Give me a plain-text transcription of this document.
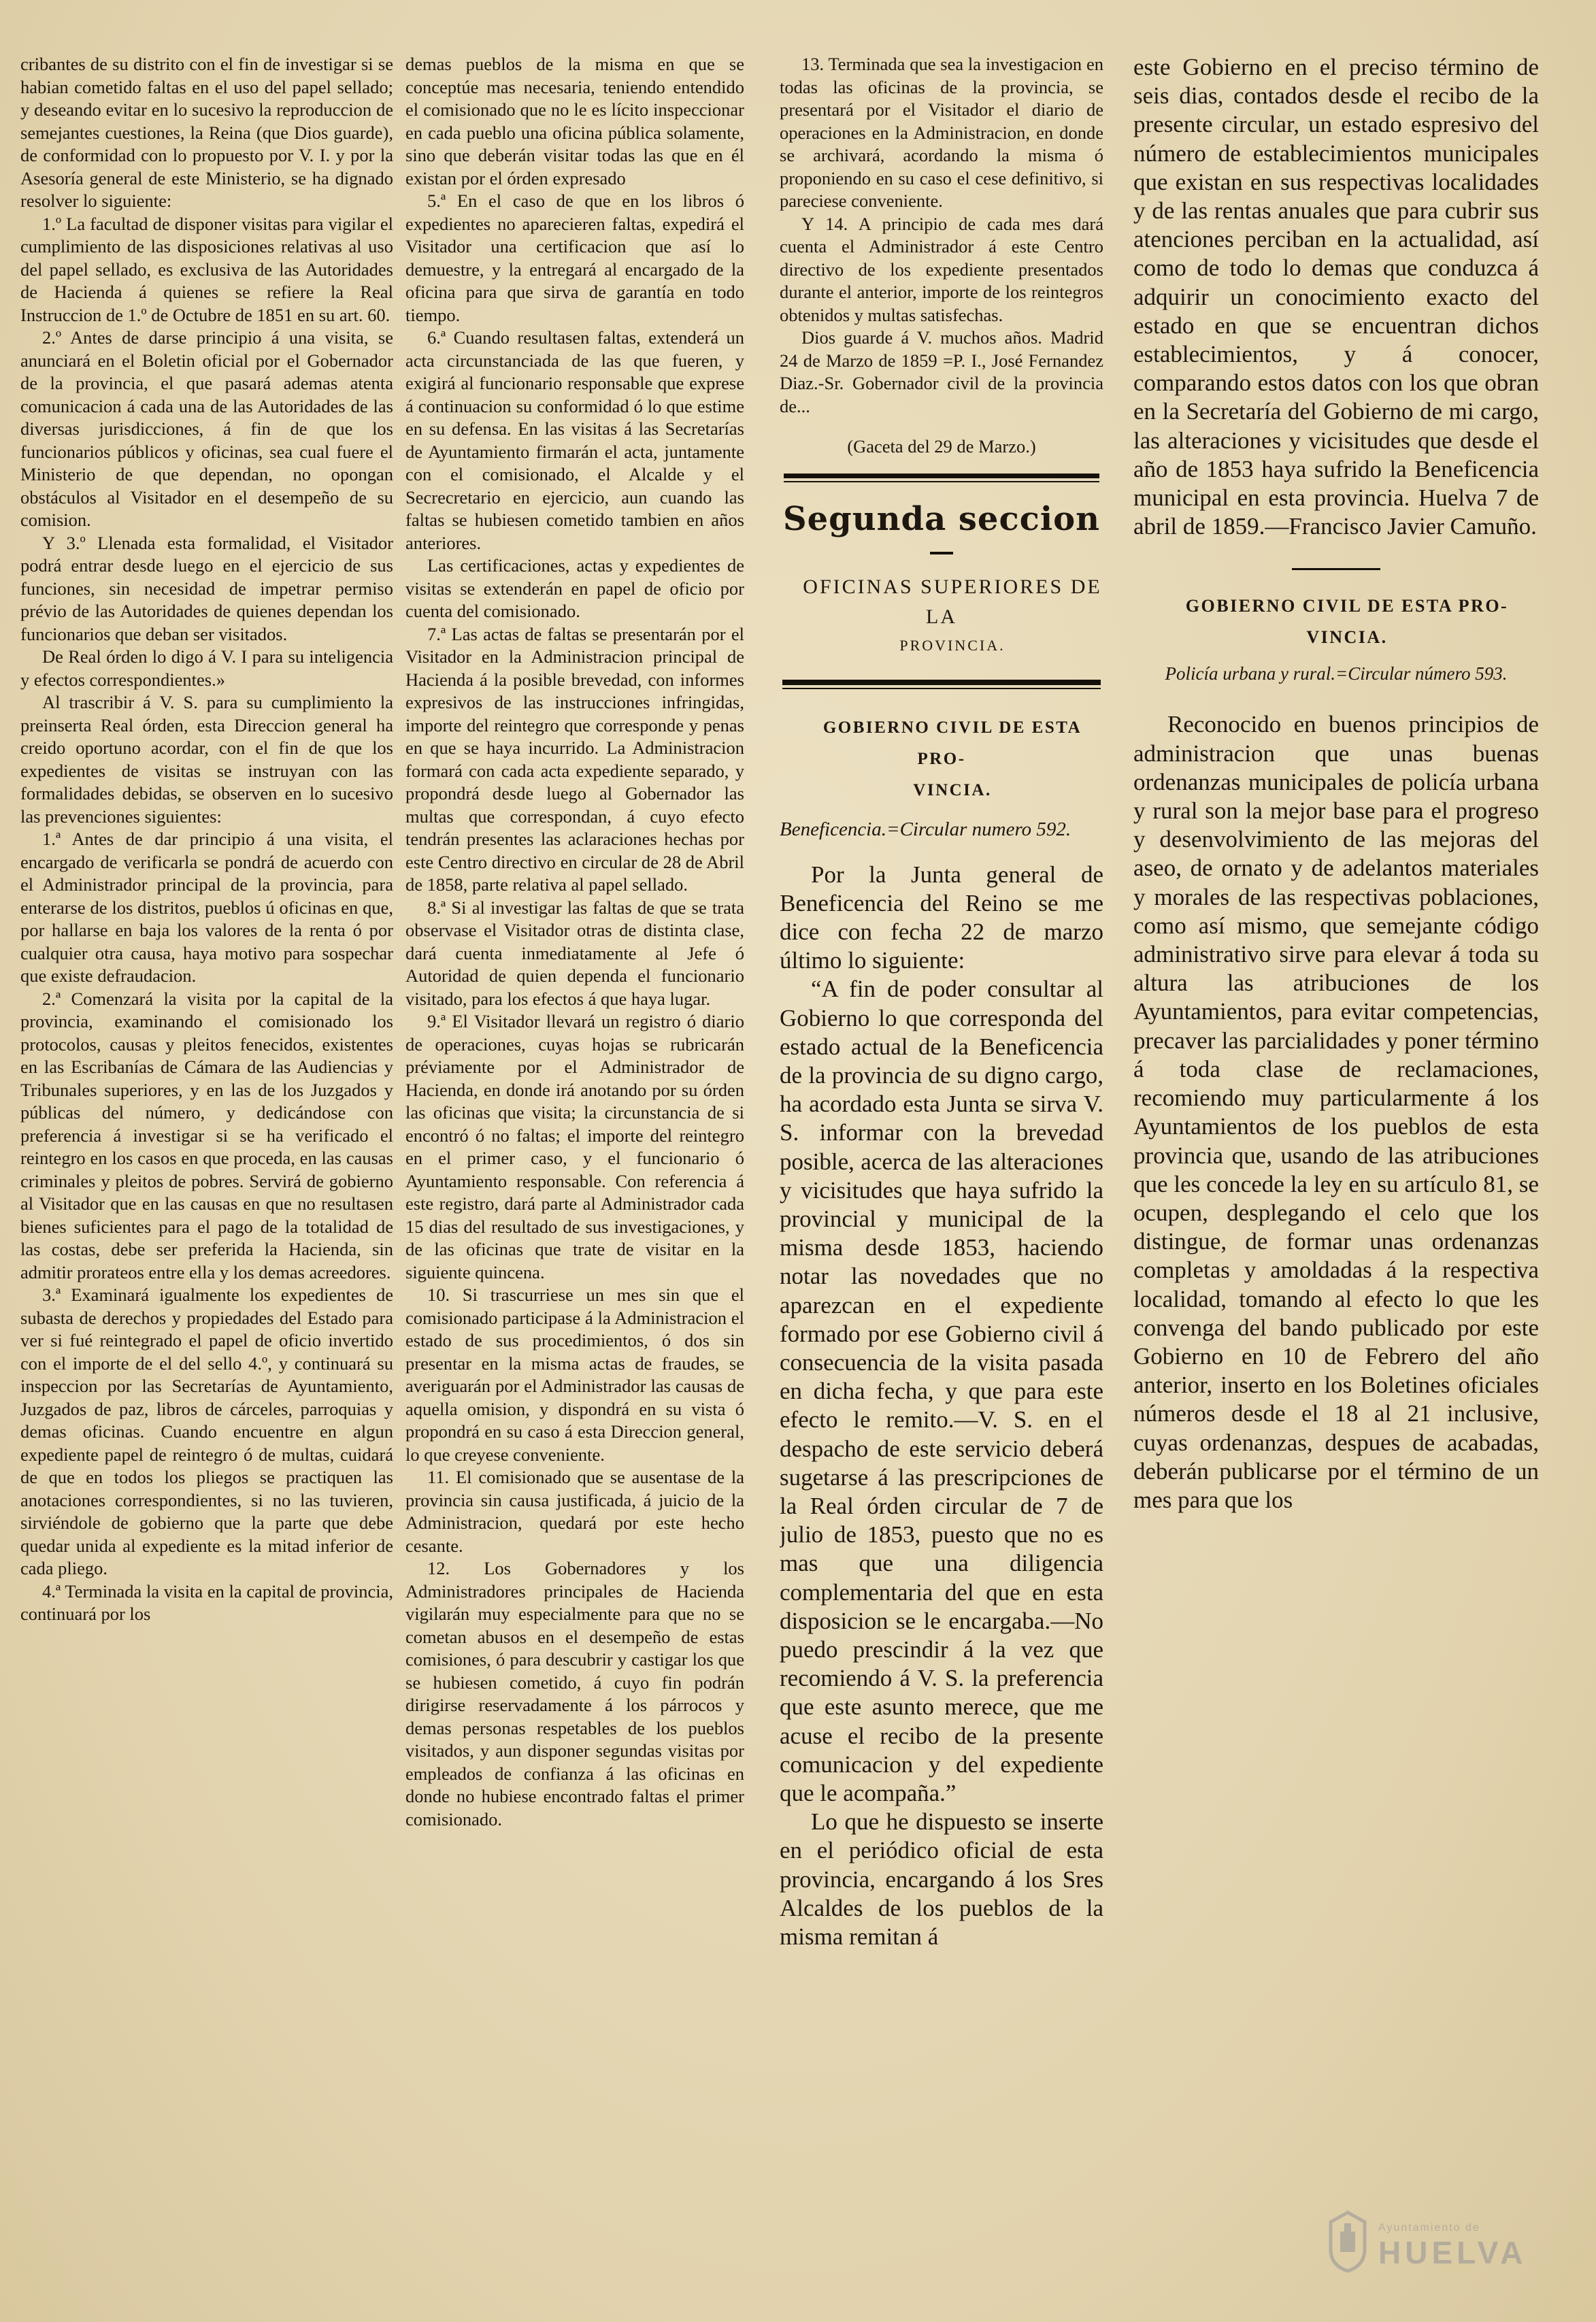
cribantes de su distrito con el fin de investigar si se habian cometido faltas en el uso del papel sellado; y deseando evitar en lo sucesivo la reproduccion de semejantes cuestiones, la Reina (que Dios guarde), de conformidad con lo propuesto por V. I. y por la Asesoría general de este Ministerio, se ha dignado resolver lo siguiente:

1.º La facultad de disponer visitas para vigilar el cumplimiento de las disposiciones relativas al uso del papel sellado, es exclusiva de las Autoridades de Hacienda á quienes se refiere la Real Instruccion de 1.º de Octubre de 1851 en su art. 60.

2.º Antes de darse principio á una visita, se anunciará en el Boletin oficial por el Gobernador de la provincia, el que pasará ademas atenta comunicacion á cada una de las Autoridades de las diversas jurisdicciones, á fin de que los funcionarios públicos y oficinas, sea cual fuere el Ministerio de que dependan, no opongan obstáculos al Visitador en el desempeño de su comision.

Y 3.º Llenada esta formalidad, el Visitador podrá entrar desde luego en el ejercicio de sus funciones, sin necesidad de impetrar permiso prévio de las Autoridades de quienes dependan los funcionarios que deban ser visitados.

De Real órden lo digo á V. I para su inteligencia y efectos correspondientes.»

Al trascribir á V. S. para su cumplimiento la preinserta Real órden, esta Direccion general ha creido oportuno acordar, con el fin de que los expedientes de visitas se instruyan con las formalidades debidas, se observen en lo sucesivo las prevenciones siguientes:

1.ª Antes de dar principio á una visita, el encargado de verificarla se pondrá de acuerdo con el Administrador principal de la provincia, para enterarse de los distritos, pueblos ú oficinas en que, por hallarse en baja los valores de la renta ó por cualquier otra causa, haya motivo para sospechar que existe defraudacion.

2.ª Comenzará la visita por la capital de la provincia, examinando el comisionado los protocolos, causas y pleitos fenecidos, existentes en las Escribanías de Cámara de las Audiencias y Tribunales superiores, y en las de los Juzgados y públicas del número, y dedicándose con preferencia á investigar si se ha verificado el reintegro en los casos en que proceda, en las causas criminales y pleitos de pobres. Servirá de gobierno al Visitador que en las causas en que no resultasen bienes suficientes para el pago de la totalidad de las costas, debe ser preferida la Hacienda, sin admitir prorateos entre ella y los demas acreedores.

3.ª Examinará igualmente los expedientes de subasta de derechos y propiedades del Estado para ver si fué reintegrado el papel de oficio invertido con el importe de el del sello 4.º, y continuará su inspeccion por las Secretarías de Ayuntamiento, Juzgados de paz, libros de cárceles, parroquias y demas oficinas. Cuando encuentre en algun expediente papel de reintegro ó de multas, cuidará de que en todos los pliegos se practiquen las anotaciones correspondientes, si no las tuvieren, sirviéndole de gobierno que la parte que debe quedar unida al expediente es la mitad inferior de cada pliego.

4.ª Terminada la visita en la capital de provincia, continuará por los

demas pueblos de la misma en que se conceptúe mas necesaria, teniendo entendido el comisionado que no le es lícito inspeccionar en cada pueblo una oficina pública solamente, sino que deberán visitar todas las que en él existan por el órden expresado

5.ª En el caso de que en los libros ó expedientes no aparecieren faltas, expedirá el Visitador una certificacion que así lo demuestre, y la entregará al encargado de la oficina para que sirva de garantía en todo tiempo.

6.ª Cuando resultasen faltas, extenderá un acta circunstanciada de las que fueren, y exigirá al funcionario responsable que exprese á continuacion su conformidad ó lo que estime en su defensa. En las visitas á las Secretarías de Ayuntamiento firmarán el acta, juntamente con el comisionado, el Alcalde y el Secrecretario en ejercicio, aun cuando las faltas se hubiesen cometido tambien en años anteriores.

Las certificaciones, actas y expedientes de visitas se extenderán en papel de oficio por cuenta del comisionado.

7.ª Las actas de faltas se presentarán por el Visitador en la Administracion principal de Hacienda á la posible brevedad, con informes expresivos de las instrucciones infringidas, importe del reintegro que corresponde y penas en que se haya incurrido. La Administracion formará con cada acta expediente separado, y propondrá desde luego al Gobernador las multas que correspondan, á cuyo efecto tendrán presentes las aclaraciones hechas por este Centro directivo en circular de 28 de Abril de 1858, parte relativa al papel sellado.

8.ª Si al investigar las faltas de que se trata observase el Visitador otras de distinta clase, dará cuenta inmediatamente al Jefe ó Autoridad de quien dependa el funcionario visitado, para los efectos á que haya lugar.

9.ª El Visitador llevará un registro ó diario de operaciones, cuyas hojas se rubricarán préviamente por el Administrador de Hacienda, en donde irá anotando por su órden las oficinas que visita; la circunstancia de si encontró ó no faltas; el importe del reintegro en el primer caso, y el funcionario ó Ayuntamiento responsable. Con referencia á este registro, dará parte al Administrador cada 15 dias del resultado de sus investigaciones, y de las oficinas que trate de visitar en la siguiente quincena.

10. Si trascurriese un mes sin que el comisionado participase á la Administracion el estado de sus procedimientos, ó dos sin presentar en la misma actas de fraudes, se averiguarán por el Administrador las causas de aquella omision, y dispondrá en su vista ó propondrá en su caso á esta Direccion general, lo que creyese conveniente.

11. El comisionado que se ausentase de la provincia sin causa justificada, á juicio de la Administracion, quedará por este hecho cesante.

12. Los Gobernadores y los Administradores principales de Hacienda vigilarán muy especialmente para que no se cometan abusos en el desempeño de estas comisiones, ó para descubrir y castigar los que se hubiesen cometido, á cuyo fin podrán dirigirse reservadamente á los párrocos y demas personas respetables de los pueblos visitados, y aun disponer segundas visitas por empleados de confianza á las oficinas en donde no hubiese encontrado faltas el primer comisionado.

13. Terminada que sea la investigacion en todas las oficinas de la provincia, se presentará por el Visitador el diario de operaciones en la Administracion, en donde se archivará, acordando la misma ó proponiendo en su caso el cese definitivo, si pareciese conveniente.

Y 14. A principio de cada mes dará cuenta el Administrador á este Centro directivo de los expediente presentados durante el anterior, importe de los reintegros obtenidos y multas satisfechas.

Dios guarde á V. muchos años. Madrid 24 de Marzo de 1859 =P. I., José Fernandez Diaz.-Sr. Gobernador civil de la provincia de...

(Gaceta del 29 de Marzo.)

Segunda seccion

OFICINAS SUPERIORES DE LA

PROVINCIA.

GOBIERNO CIVIL DE ESTA PRO-

VINCIA.

Beneficencia.=Circular numero 592.

Por la Junta general de Beneficencia del Reino se me dice con fecha 22 de marzo último lo siguiente:

“A fin de poder consultar al Gobierno lo que corresponda del estado actual de la Beneficencia de la provincia de su digno cargo, ha acordado esta Junta se sirva V. S. informar con la brevedad posible, acerca de las alteraciones y vicisitudes que haya sufrido la provincial y municipal de la misma desde 1853, haciendo notar las novedades que no aparezcan en el expediente formado por ese Gobierno civil á consecuencia de la visita pasada en dicha fecha, y que para este efecto le remito.—V. S. en el despacho de este servicio deberá sugetarse á las prescripciones de la Real órden circular de 7 de julio de 1853, puesto que no es mas que una diligencia complementaria del que en esta disposicion se le encargaba.—No puedo prescindir á la vez que recomiendo á V. S. la preferencia que este asunto merece, que me acuse el recibo de la presente comunicacion y del expediente que le acompaña.”

Lo que he dispuesto se inserte en el periódico oficial de esta provincia, encargando á los Sres Alcaldes de los pueblos de la misma remitan á

este Gobierno en el preciso término de seis dias, contados desde el recibo de la presente circular, un estado espresivo del número de establecimientos municipales que existan en sus respectivas localidades y de las rentas anuales que para cubrir sus atenciones perciban en la actualidad, así como de todo lo demas que conduzca á adquirir un conocimiento exacto del estado en que se encuentran dichos establecimientos, y á conocer, comparando estos datos con los que obran en la Secretaría del Gobierno de mi cargo, las alteraciones y vicisitudes que desde el año de 1853 haya sufrido la Beneficencia municipal en esta provincia. Huelva 7 de abril de 1859.—Francisco Javier Camuño.

GOBIERNO CIVIL DE ESTA PRO-

VINCIA.

Policía urbana y rural.=Circular número 593.

Reconocido en buenos principios de administracion que unas buenas ordenanzas municipales de policía urbana y rural son la mejor base para el progreso y desenvolvimiento de las mejoras del aseo, de ornato y de adelantos materiales y morales de las respectivas poblaciones, como así mismo, que semejante código administrativo sirve para elevar á toda su altura las atribuciones de los Ayuntamientos, para evitar competencias, precaver las parcialidades y poner término á toda clase de reclamaciones, recomiendo muy particularmente á los Ayuntamientos de los pueblos de esta provincia que, usando de las atribuciones que les concede la ley en su artículo 81, se ocupen, desplegando el celo que los distingue, de formar unas ordenanzas completas y amoldadas á la respectiva localidad, tomando al efecto lo que les convenga del bando publicado por este Gobierno en 10 de Febrero del año anterior, inserto en los Boletines oficiales números desde el 18 al 21 inclusive, cuyas ordenanzas, despues de acabadas, deberán publicarse por el término de un mes para que los

Ayuntamiento de
HUELVA
